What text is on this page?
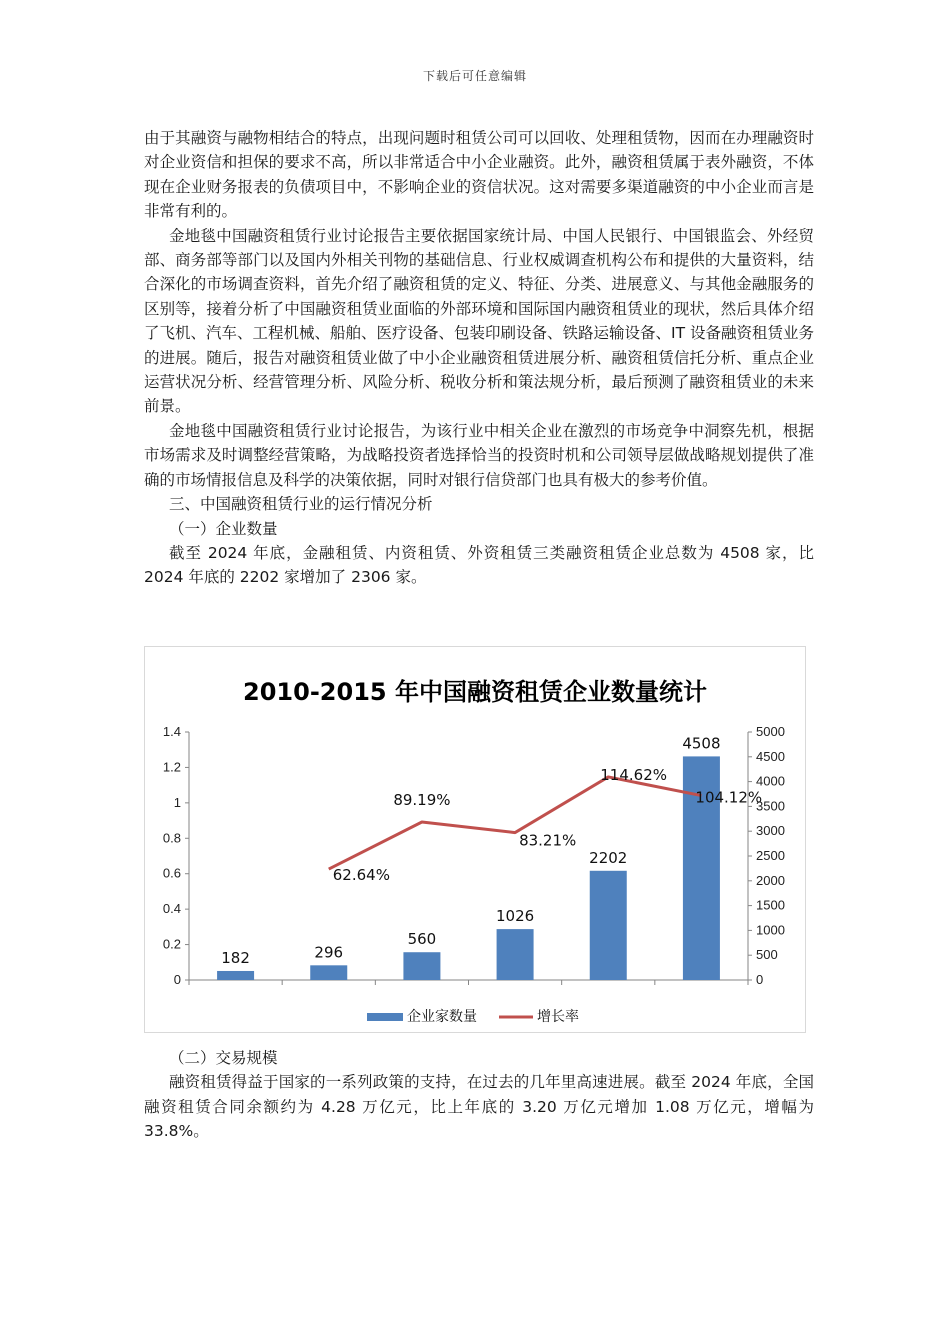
下载后可任意编辑

由于其融资与融物相结合的特点，出现问题时租赁公司可以回收、处理租赁物，因而在办理融资时对企业资信和担保的要求不高，所以非常适合中小企业融资。此外，融资租赁属于表外融资，不体现在企业财务报表的负债项目中，不影响企业的资信状况。这对需要多渠道融资的中小企业而言是非常有利的。

金地毯中国融资租赁行业讨论报告主要依据国家统计局、中国人民银行、中国银监会、外经贸部、商务部等部门以及国内外相关刊物的基础信息、行业权威调查机构公布和提供的大量资料，结合深化的市场调查资料，首先介绍了融资租赁的定义、特征、分类、进展意义、与其他金融服务的区别等，接着分析了中国融资租赁业面临的外部环境和国际国内融资租赁业的现状，然后具体介绍了飞机、汽车、工程机械、船舶、医疗设备、包装印刷设备、铁路运输设备、IT 设备融资租赁业务的进展。随后，报告对融资租赁业做了中小企业融资租赁进展分析、融资租赁信托分析、重点企业运营状况分析、经营管理分析、风险分析、税收分析和策法规分析，最后预测了融资租赁业的未来前景。

金地毯中国融资租赁行业讨论报告，为该行业中相关企业在激烈的市场竞争中洞察先机，根据市场需求及时调整经营策略，为战略投资者选择恰当的投资时机和公司领导层做战略规划提供了准确的市场情报信息及科学的决策依据，同时对银行信贷部门也具有极大的参考价值。

三、中国融资租赁行业的运行情况分析

（一）企业数量

截至 2024 年底，金融租赁、内资租赁、外资租赁三类融资租赁企业总数为 4508 家，比 2024 年底的 2202 家增加了 2306 家。

2010-2015 年中国融资租赁企业数量统计
0
0.2
0.4
0.6
0.8
1
1.2
1.4
0
500
1000
1500
2000
2500
3000
3500
4000
4500
5000
182	296
560
1026
2202
4508
62.64%
89.19%
83.21%
114.62%
104.12%
企业家数量	增长率

（二）交易规模

融资租赁得益于国家的一系列政策的支持，在过去的几年里高速进展。截至 2024 年底，全国融资租赁合同余额约为 4.28 万亿元，比上年底的 3.20 万亿元增加 1.08 万亿元，增幅为 33.8%。
